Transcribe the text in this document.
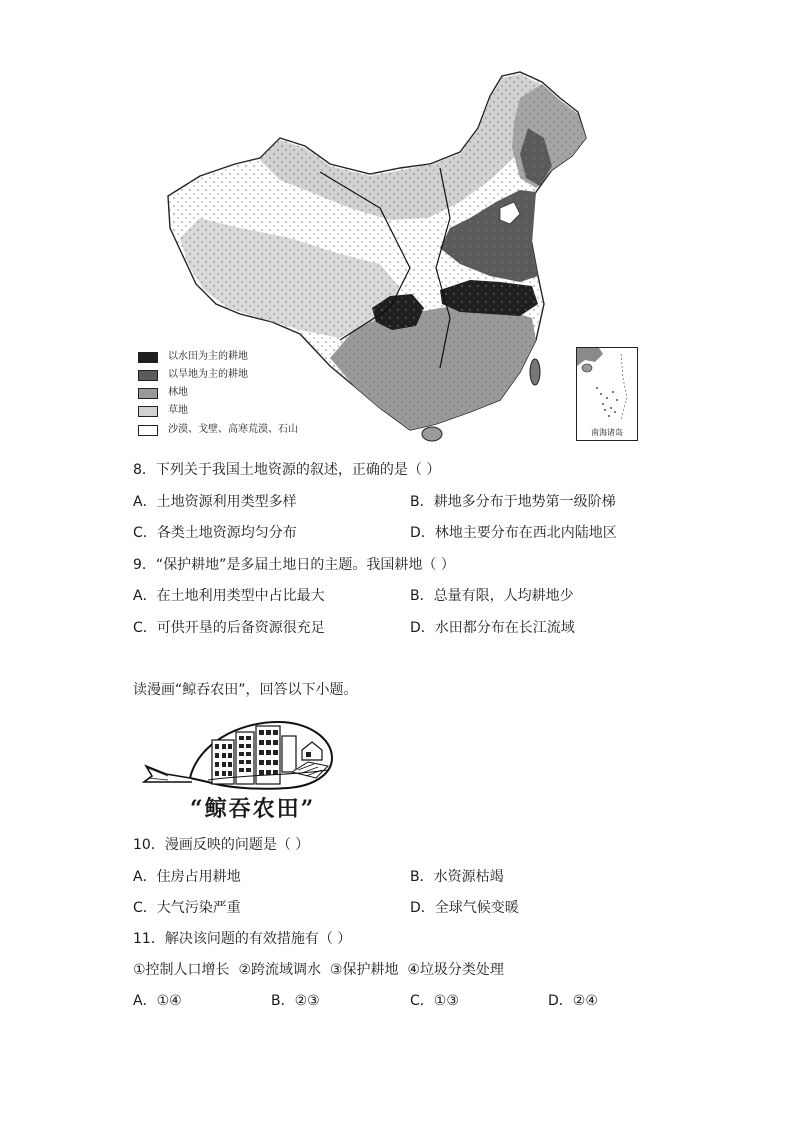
以水田为主的耕地
以旱地为主的耕地
林地
草地
沙漠、戈壁、高寒荒漠、石山	南海诸岛
8．下列关于我国土地资源的叙述，正确的是（ ）
A．土地资源利用类型多样	B．耕地多分布于地势第一级阶梯
C．各类土地资源均匀分布	D．林地主要分布在西北内陆地区
9．“保护耕地”是多届土地日的主题。我国耕地（ ）
A．在土地利用类型中占比最大	B．总量有限，人均耕地少
C．可供开垦的后备资源很充足	D．水田都分布在长江流域
读漫画“鲸吞农田”，回答以下小题。
“鲸吞农田”
10．漫画反映的问题是（ ）
A．住房占用耕地	B．水资源枯竭
C．大气污染严重	D．全球气候变暖
11．解决该问题的有效措施有（ ）
①控制人口增长  ②跨流域调水  ③保护耕地  ④垃圾分类处理
A．①④	B．②③	C．①③	D．②④
